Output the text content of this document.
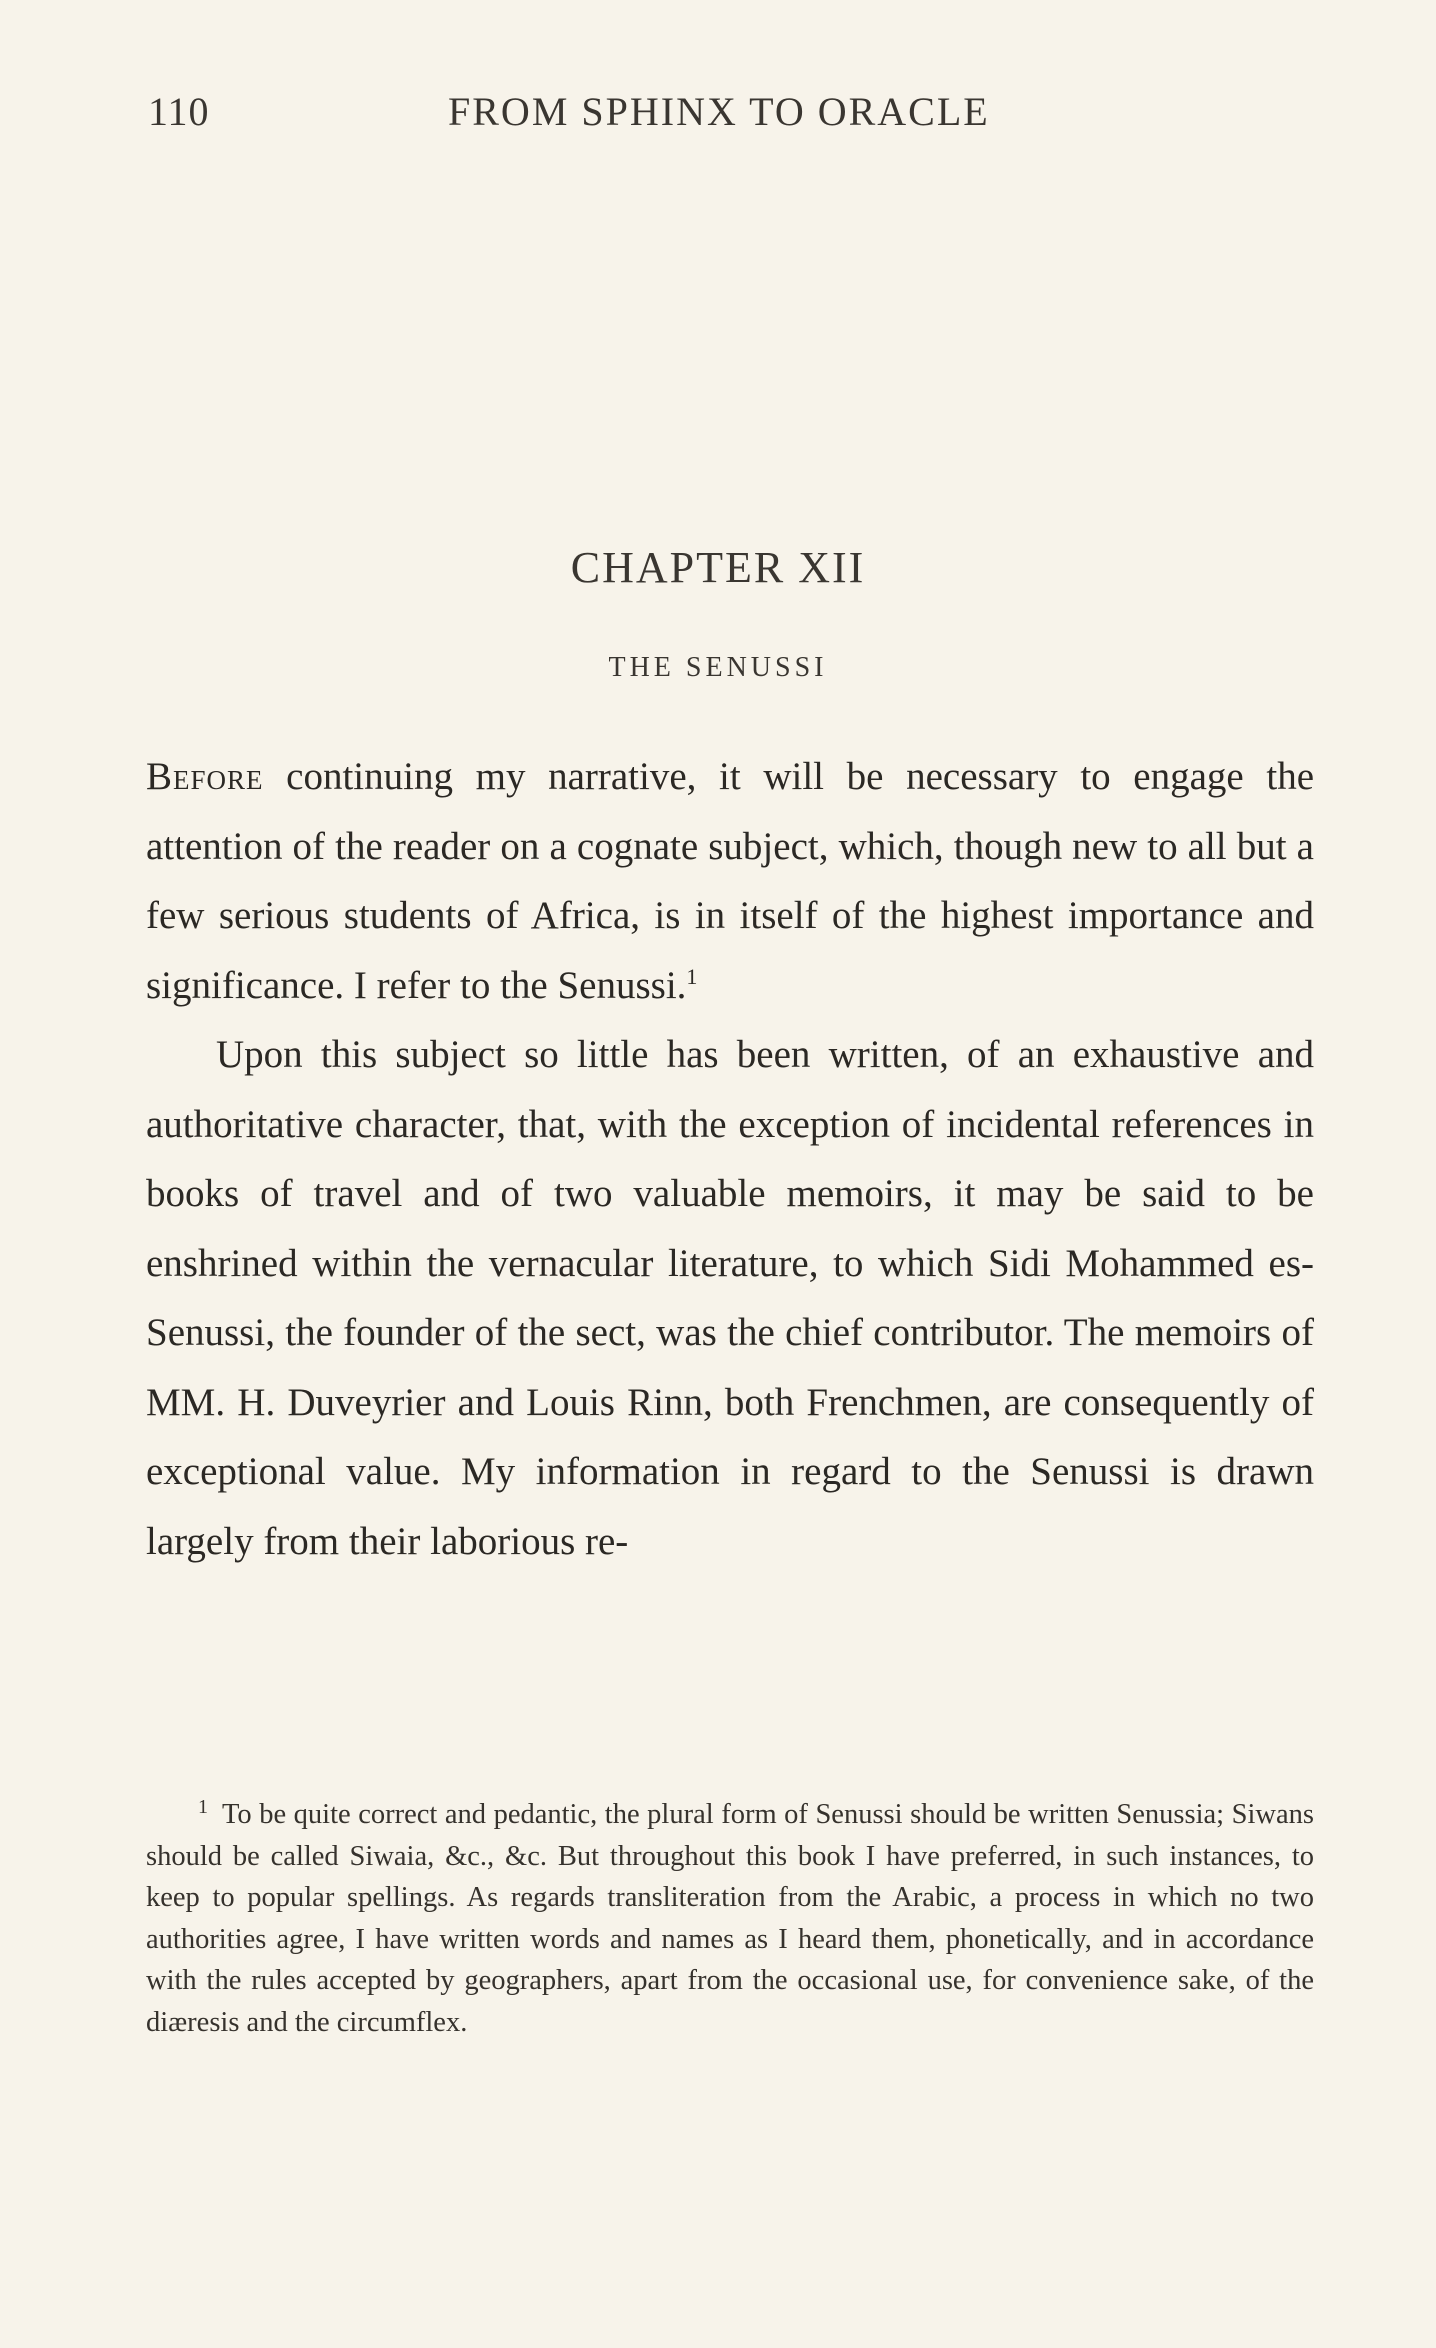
110	FROM SPHINX TO ORACLE
CHAPTER XII
THE SENUSSI

Before continuing my narrative, it will be necessary to engage the attention of the reader on a cognate subject, which, though new to all but a few serious students of Africa, is in itself of the highest importance and significance. I refer to the Senussi.$^1$

Upon this subject so little has been written, of an exhaustive and authoritative character, that, with the exception of incidental references in books of travel and of two valuable memoirs, it may be said to be enshrined within the vernacular literature, to which Sidi Mohammed es-Senussi, the founder of the sect, was the chief contributor. The memoirs of MM. H. Duveyrier and Louis Rinn, both Frenchmen, are consequently of exceptional value. My information in regard to the Senussi is drawn largely from their laborious re-

$^1$ To be quite correct and pedantic, the plural form of Senussi should be written Senussia; Siwans should be called Siwaia, &c., &c. But throughout this book I have preferred, in such instances, to keep to popular spellings. As regards transliteration from the Arabic, a process in which no two authorities agree, I have written words and names as I heard them, phonetically, and in accordance with the rules accepted by geographers, apart from the occasional use, for convenience sake, of the diæresis and the circumflex.
